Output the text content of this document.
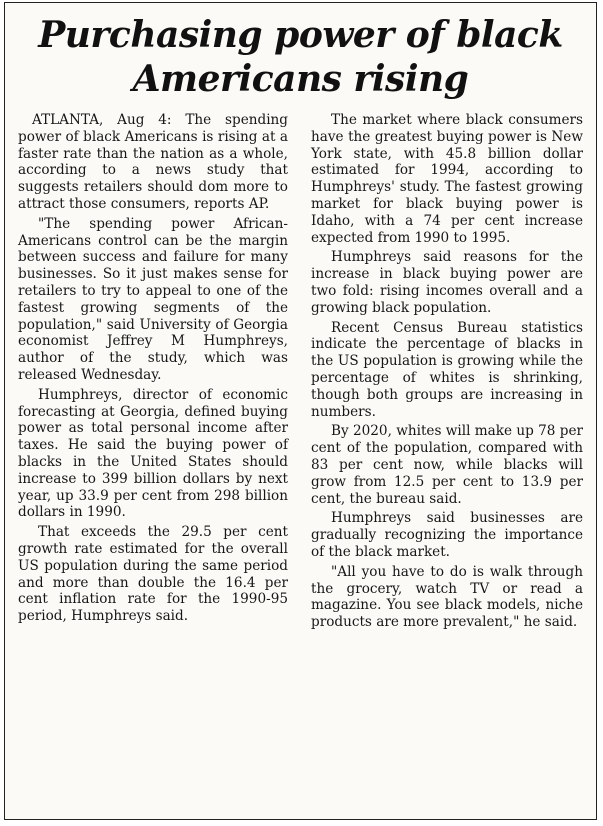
Purchasing power of black
Americans rising

ATLANTA, Aug 4: The spending power of black Americans is rising at a faster rate than the nation as a whole, according to a news study that suggests retailers should dom more to attract those consumers, reports AP.

"The spending power African-Americans control can be the margin between success and failure for many businesses. So it just makes sense for retailers to try to appeal to one of the fastest growing segments of the population," said University of Georgia economist Jeffrey M Humphreys, author of the study, which was released Wednesday.

Humphreys, director of economic forecasting at Georgia, defined buying power as total personal income after taxes. He said the buying power of blacks in the United States should increase to 399 billion dollars by next year, up 33.9 per cent from 298 billion dollars in 1990.

That exceeds the 29.5 per cent growth rate estimated for the overall US population during the same period and more than double the 16.4 per cent inflation rate for the 1990-95 period, Humphreys said.

The market where black consumers have the greatest buying power is New York state, with 45.8 billion dollar estimated for 1994, according to Humphreys' study. The fastest growing market for black buying power is Idaho, with a 74 per cent increase expected from 1990 to 1995.

Humphreys said reasons for the increase in black buying power are two fold: rising incomes overall and a growing black population.

Recent Census Bureau statistics indicate the percentage of blacks in the US population is growing while the percentage of whites is shrinking, though both groups are increasing in numbers.

By 2020, whites will make up 78 per cent of the population, compared with 83 per cent now, while blacks will grow from 12.5 per cent to 13.9 per cent, the bureau said.

Humphreys said businesses are gradually recognizing the importance of the black market.

"All you have to do is walk through the grocery, watch TV or read a magazine. You see black models, niche products are more prevalent," he said.
